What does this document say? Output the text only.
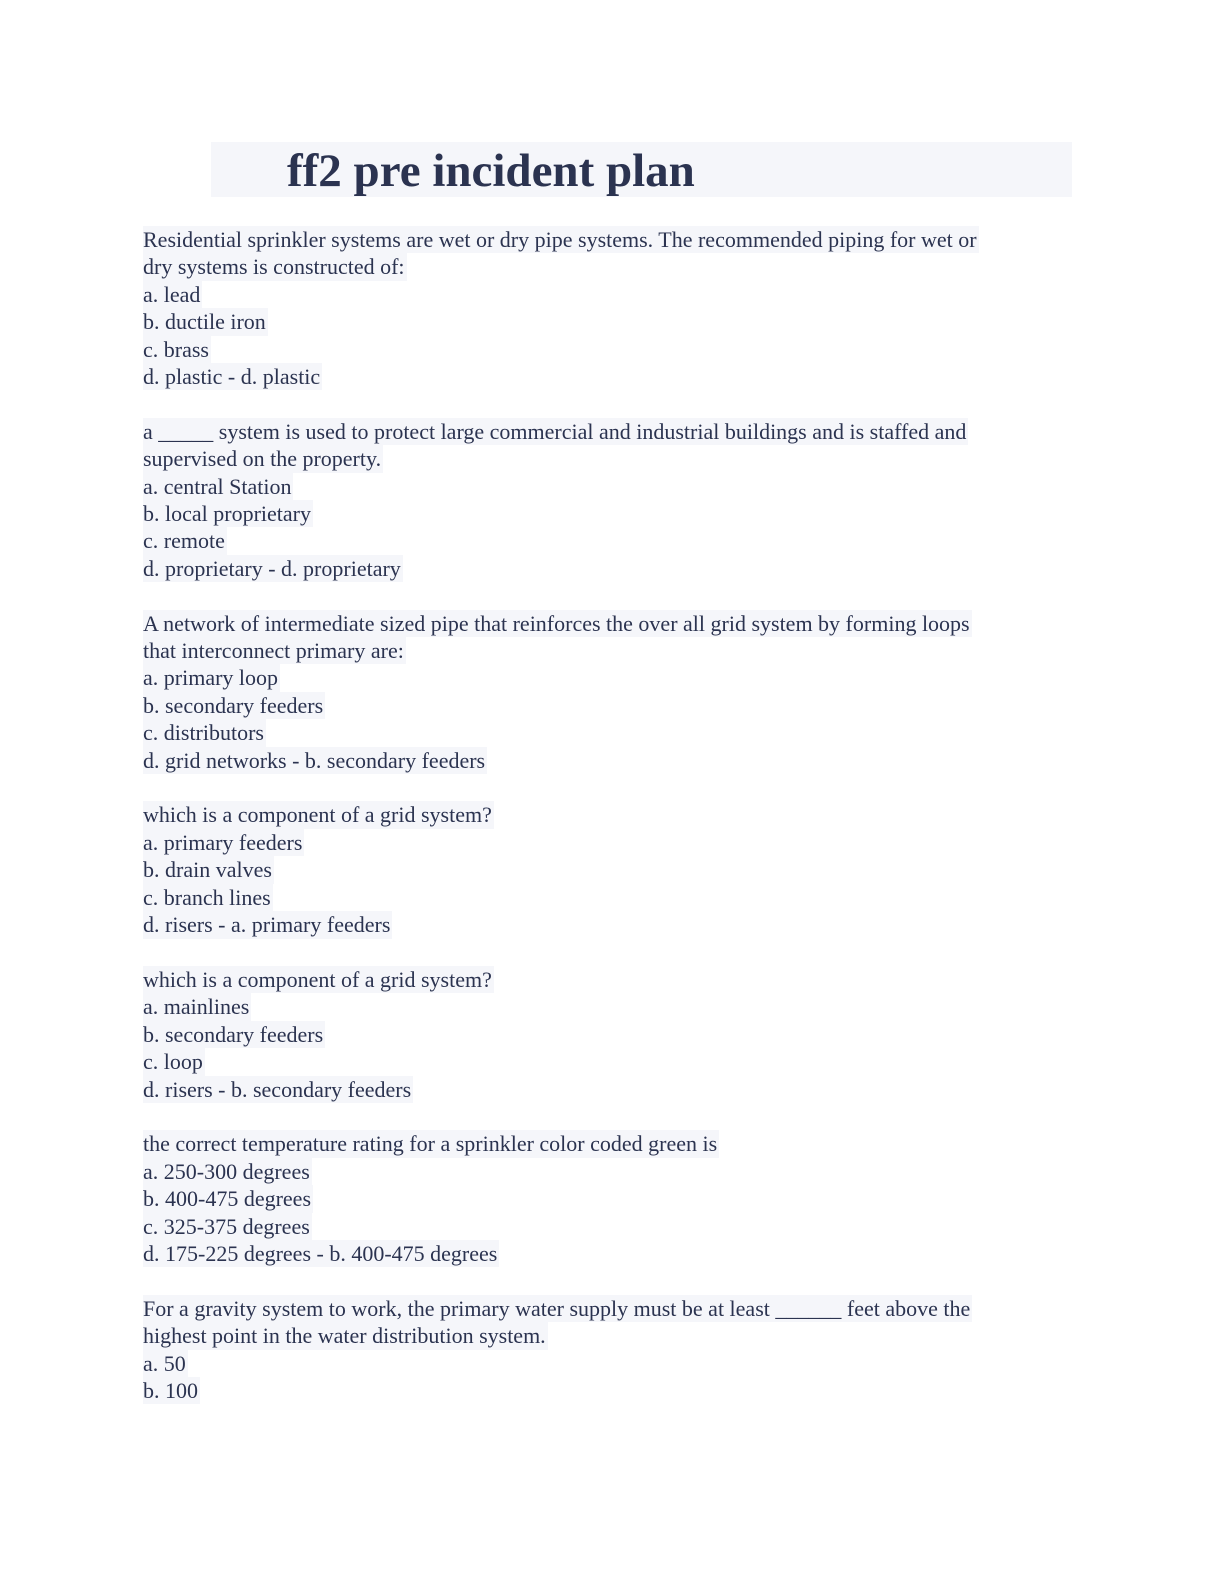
ff2 pre incident plan
Residential sprinkler systems are wet or dry pipe systems. The recommended piping for wet or
dry systems is constructed of:
a. lead
b. ductile iron
c. brass
d. plastic - d. plastic
a _____ system is used to protect large commercial and industrial buildings and is staffed and
supervised on the property.
a. central Station
b. local proprietary
c. remote
d. proprietary - d. proprietary
A network of intermediate sized pipe that reinforces the over all grid system by forming loops
that interconnect primary are:
a. primary loop
b. secondary feeders
c. distributors
d. grid networks - b. secondary feeders
which is a component of a grid system?
a. primary feeders
b. drain valves
c. branch lines
d. risers - a. primary feeders
which is a component of a grid system?
a. mainlines
b. secondary feeders
c. loop
d. risers - b. secondary feeders
the correct temperature rating for a sprinkler color coded green is
a. 250-300 degrees
b. 400-475 degrees
c. 325-375 degrees
d. 175-225 degrees - b. 400-475 degrees
For a gravity system to work, the primary water supply must be at least ______ feet above the
highest point in the water distribution system.
a. 50
b. 100
